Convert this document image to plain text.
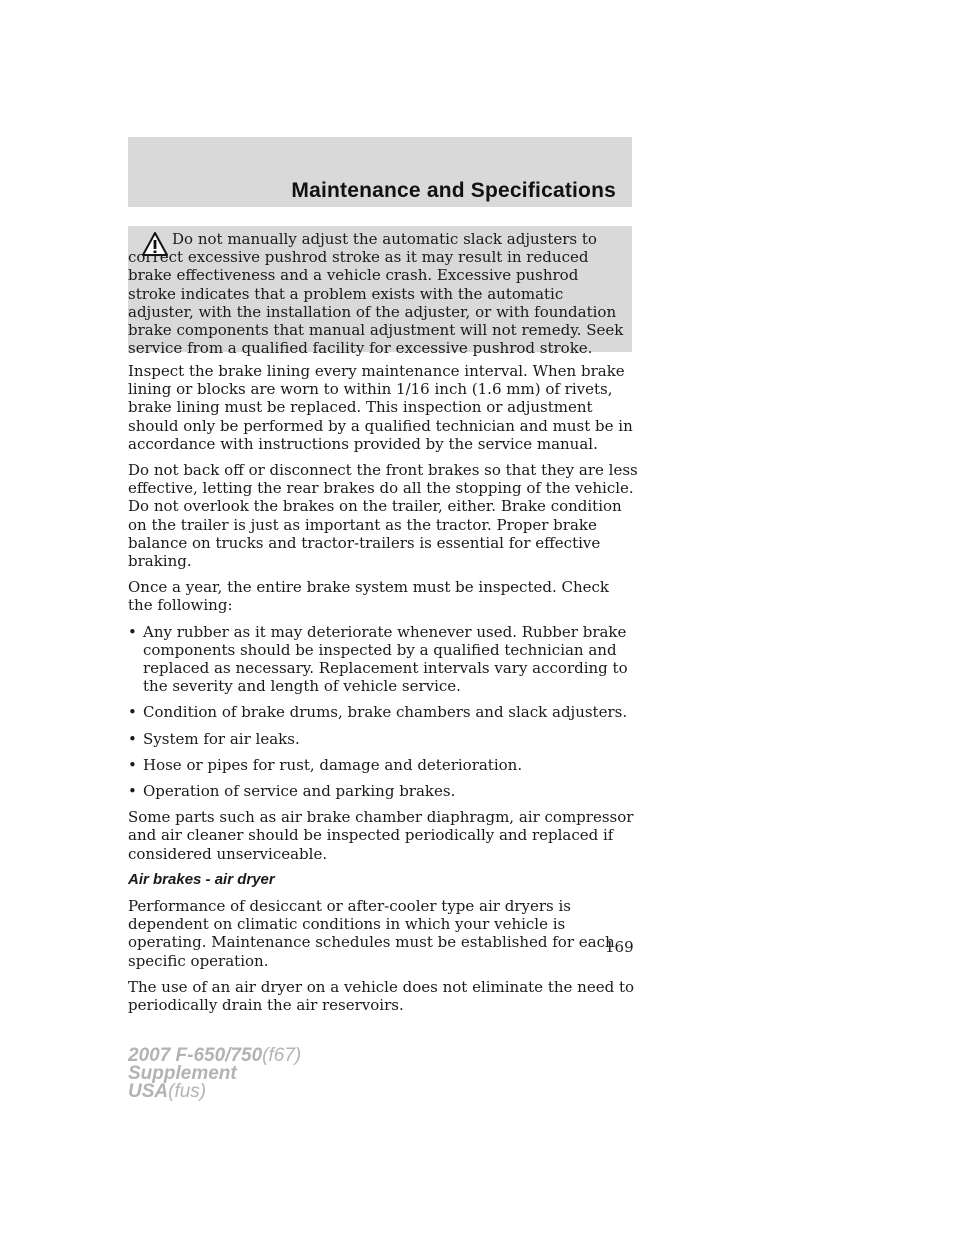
Maintenance and Specifications

Do not manually adjust the automatic slack adjusters to correct excessive pushrod stroke as it may result in reduced brake effectiveness and a vehicle crash. Excessive pushrod stroke indicates that a problem exists with the automatic adjuster, with the installation of the adjuster, or with foundation brake components that manual adjustment will not remedy. Seek service from a qualified facility for excessive pushrod stroke.

Inspect the brake lining every maintenance interval. When brake lining or blocks are worn to within 1/16 inch (1.6 mm) of rivets, brake lining must be replaced. This inspection or adjustment should only be performed by a qualified technician and must be in accordance with instructions provided by the service manual.

Do not back off or disconnect the front brakes so that they are less effective, letting the rear brakes do all the stopping of the vehicle. Do not overlook the brakes on the trailer, either. Brake condition on the trailer is just as important as the tractor. Proper brake balance on trucks and tractor-trailers is essential for effective braking.

Once a year, the entire brake system must be inspected. Check the following:

• Any rubber as it may deteriorate whenever used. Rubber brake components should be inspected by a qualified technician and replaced as necessary. Replacement intervals vary according to the severity and length of vehicle service.
• Condition of brake drums, brake chambers and slack adjusters.
• System for air leaks.
• Hose or pipes for rust, damage and deterioration.
• Operation of service and parking brakes.

Some parts such as air brake chamber diaphragm, air compressor and air cleaner should be inspected periodically and replaced if considered unserviceable.

Air brakes - air dryer

Performance of desiccant or after-cooler type air dryers is dependent on climatic conditions in which your vehicle is operating. Maintenance schedules must be established for each specific operation.

The use of an air dryer on a vehicle does not eliminate the need to periodically drain the air reservoirs.

169
2007 F-650/750(f67)
Supplement
USA(fus)
